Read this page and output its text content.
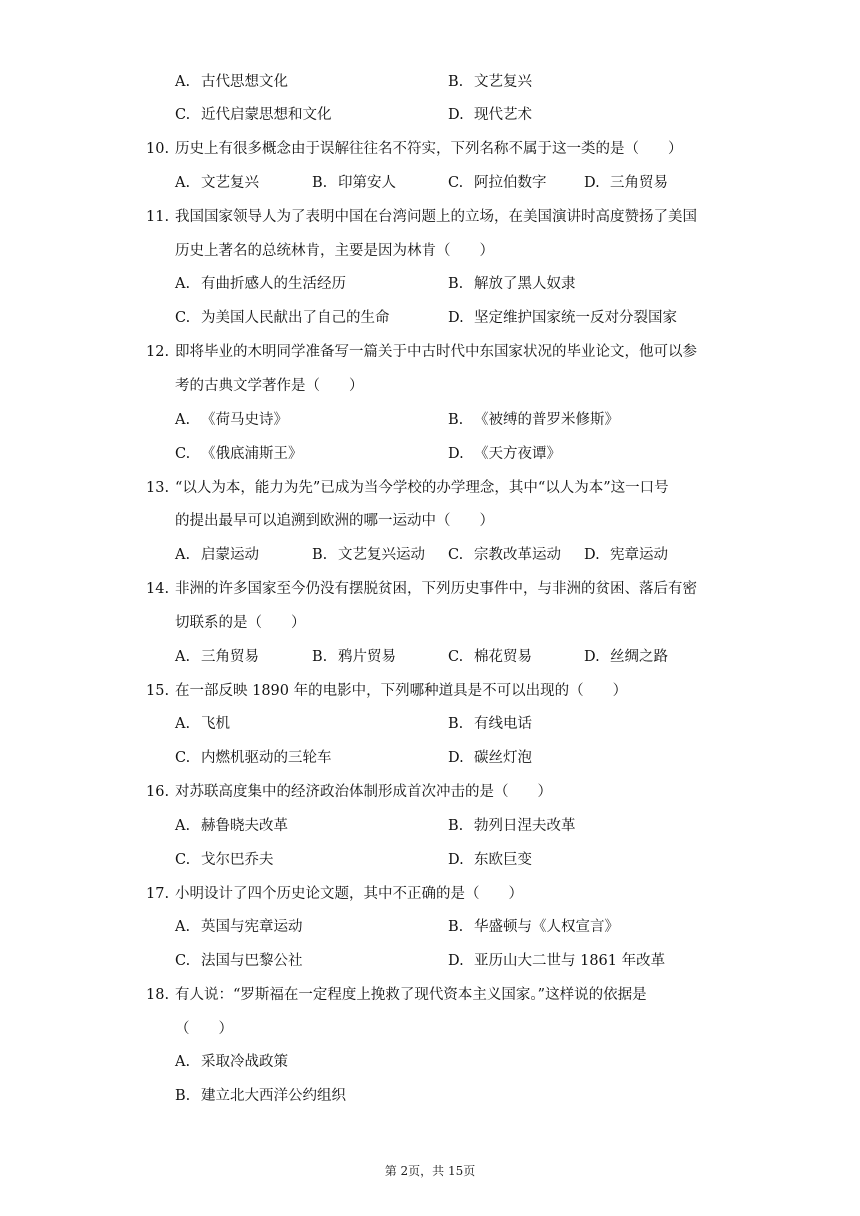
A. 古代思想文化	B. 文艺复兴
C. 近代启蒙思想和文化	D. 现代艺术
10. 历史上有很多概念由于误解往往名不符实，下列名称不属于这一类的是（　　）
A. 文艺复兴	B. 印第安人	C. 阿拉伯数字	D. 三角贸易
11. 我国国家领导人为了表明中国在台湾问题上的立场，在美国演讲时高度赞扬了美国
历史上著名的总统林肯，主要是因为林肯（　　）
A. 有曲折感人的生活经历	B. 解放了黑人奴隶
C. 为美国人民献出了自己的生命	D. 坚定维护国家统一反对分裂国家
12. 即将毕业的木明同学准备写一篇关于中古时代中东国家状况的毕业论文，他可以参
考的古典文学著作是（　　）
A. 《荷马史诗》	B. 《被缚的普罗米修斯》
C. 《俄底浦斯王》	D. 《天方夜谭》
13. “以人为本，能力为先”已成为当今学校的办学理念，其中“以人为本”这一口号
的提出最早可以追溯到欧洲的哪一运动中（　　）
A. 启蒙运动	B. 文艺复兴运动 C. 宗教改革运动 D. 宪章运动
14. 非洲的许多国家至今仍没有摆脱贫困，下列历史事件中，与非洲的贫困、落后有密
切联系的是（　　）
A. 三角贸易	B. 鸦片贸易	C. 棉花贸易	D. 丝绸之路
15. 在一部反映 1890 年的电影中，下列哪种道具是不可以出现的（　　）
A. 飞机	B. 有线电话
C. 内燃机驱动的三轮车	D. 碳丝灯泡
16. 对苏联高度集中的经济政治体制形成首次冲击的是（　　）
A. 赫鲁晓夫改革	B. 勃列日涅夫改革
C. 戈尔巴乔夫	D. 东欧巨变
17. 小明设计了四个历史论文题，其中不正确的是（　　）
A. 英国与宪章运动	B. 华盛顿与《人权宣言》
C. 法国与巴黎公社	D. 亚历山大二世与 1861 年改革
18. 有人说：“罗斯福在一定程度上挽救了现代资本主义国家。”这样说的依据是
（　　）
A. 采取冷战政策
B. 建立北大西洋公约组织
第 2页，共 15页
